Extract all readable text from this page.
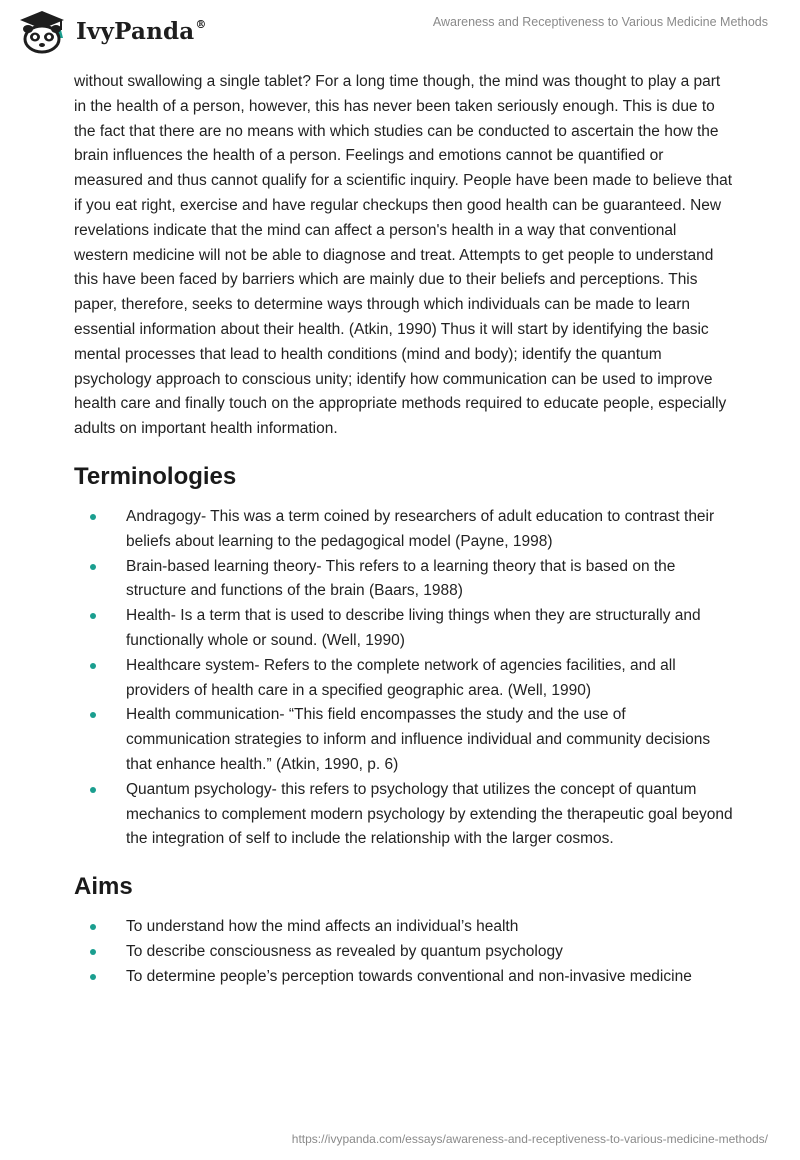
IvyPanda®	Awareness and Receptiveness to Various Medicine Methods

without swallowing a single tablet? For a long time though, the mind was thought to play a part in the health of a person, however, this has never been taken seriously enough. This is due to the fact that there are no means with which studies can be conducted to ascertain the how the brain influences the health of a person. Feelings and emotions cannot be quantified or measured and thus cannot qualify for a scientific inquiry. People have been made to believe that if you eat right, exercise and have regular checkups then good health can be guaranteed. New revelations indicate that the mind can affect a person's health in a way that conventional western medicine will not be able to diagnose and treat. Attempts to get people to understand this have been faced by barriers which are mainly due to their beliefs and perceptions. This paper, therefore, seeks to determine ways through which individuals can be made to learn essential information about their health. (Atkin, 1990) Thus it will start by identifying the basic mental processes that lead to health conditions (mind and body); identify the quantum psychology approach to conscious unity; identify how communication can be used to improve health care and finally touch on the appropriate methods required to educate people, especially adults on important health information.

Terminologies
Andragogy- This was a term coined by researchers of adult education to contrast their beliefs about learning to the pedagogical model (Payne, 1998)
Brain-based learning theory- This refers to a learning theory that is based on the structure and functions of the brain (Baars, 1988)
Health- Is a term that is used to describe living things when they are structurally and functionally whole or sound. (Well, 1990)
Healthcare system- Refers to the complete network of agencies facilities, and all providers of health care in a specified geographic area. (Well, 1990)
Health communication- “This field encompasses the study and the use of communication strategies to inform and influence individual and community decisions that enhance health.” (Atkin, 1990, p. 6)
Quantum psychology- this refers to psychology that utilizes the concept of quantum mechanics to complement modern psychology by extending the therapeutic goal beyond the integration of self to include the relationship with the larger cosmos.
Aims
To understand how the mind affects an individual’s health
To describe consciousness as revealed by quantum psychology
To determine people’s perception towards conventional and non-invasive medicine
https://ivypanda.com/essays/awareness-and-receptiveness-to-various-medicine-methods/
